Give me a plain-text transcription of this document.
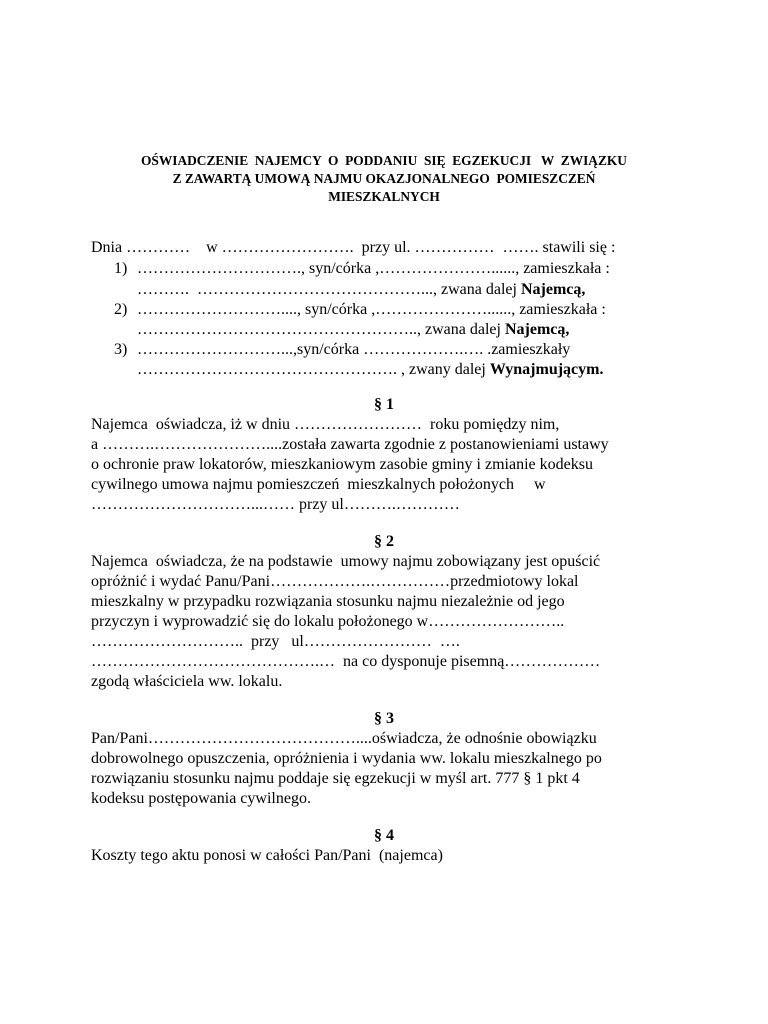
OŚWIADCZENIE  NAJEMCY  O  PODDANIU  SIĘ  EGZEKUCJI   W  ZWIĄZKU
Z ZAWARTĄ UMOWĄ NAJMU OKAZJONALNEGO  POMIESZCZEŃ
MIESZKALNYCH
Dnia …………    w …………………….  przy ul. ……………  ……. stawili się :
1) …………………………., syn/córka ,…………………......, zamieszkała :
……….  ……………………………………..., zwana dalej Najemcą,
2) ………………………...., syn/córka ,…………………......, zamieszkała :
…………………………………………….., zwana dalej Najemcą,
3) ………………………...,syn/córka ……………….…. .zamieszkały
…………………………………………. , zwany dalej Wynajmującym.
§ 1
Najemca  oświadcza, iż w dniu ……………………  roku pomiędzy nim,
a ……….…………………....została zawarta zgodnie z postanowieniami ustawy
o ochronie praw lokatorów, mieszkaniowym zasobie gminy i zmianie kodeksu
cywilnego umowa najmu pomieszczeń  mieszkalnych położonych     w
…………………………...…… przy ul……….…………
§ 2
Najemca  oświadcza, że na podstawie  umowy najmu zobowiązany jest opuścić
opróżnić i wydać Panu/Pani……………….……………przedmiotowy lokal
mieszkalny w przypadku rozwiązania stosunku najmu niezależnie od jego
przyczyn i wyprowadzić się do lokalu położonego w……………………..
………………………..  przy   ul……………………  ….
…………………………………….…  na co dysponuje pisemną………………
zgodą właściciela ww. lokalu.
§ 3
Pan/Pani…………………………………....oświadcza, że odnośnie obowiązku
dobrowolnego opuszczenia, opróżnienia i wydania ww. lokalu mieszkalnego po
rozwiązaniu stosunku najmu poddaje się egzekucji w myśl art. 777 § 1 pkt 4
kodeksu postępowania cywilnego.
§ 4
Koszty tego aktu ponosi w całości Pan/Pani  (najemca)
